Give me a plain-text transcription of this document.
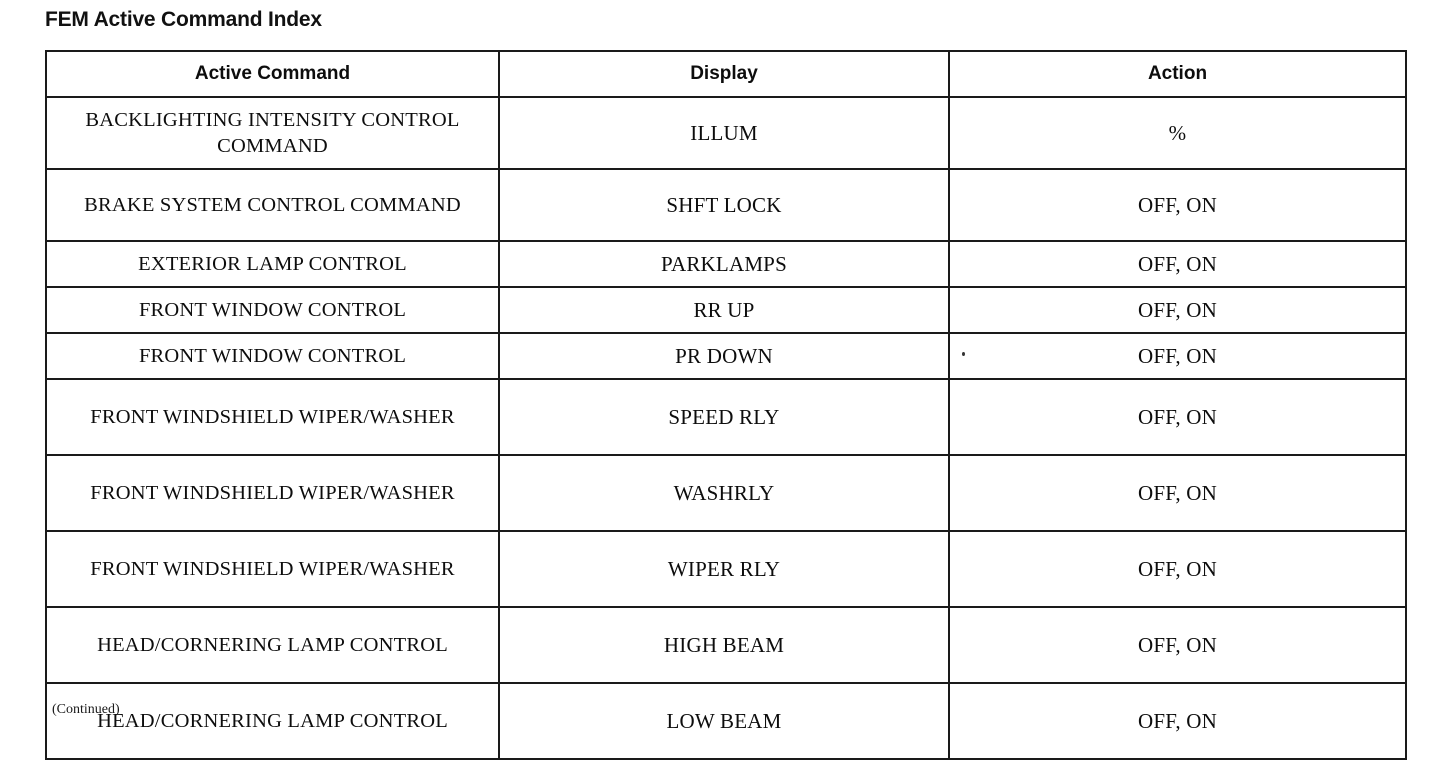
FEM Active Command Index
Active Command	Display	Action
BACKLIGHTING INTENSITY CONTROL COMMAND	ILLUM	%
BRAKE SYSTEM CONTROL COMMAND	SHFT LOCK	OFF, ON
EXTERIOR LAMP CONTROL	PARKLAMPS	OFF, ON
FRONT WINDOW CONTROL	RR UP	OFF, ON
FRONT WINDOW CONTROL	PR DOWN	OFF, ON
FRONT WINDSHIELD WIPER/WASHER	SPEED RLY	OFF, ON
FRONT WINDSHIELD WIPER/WASHER	WASHRLY	OFF, ON
FRONT WINDSHIELD WIPER/WASHER	WIPER RLY	OFF, ON
HEAD/CORNERING LAMP CONTROL	HIGH BEAM	OFF, ON
HEAD/CORNERING LAMP CONTROL	LOW BEAM	OFF, ON
(Continued)
